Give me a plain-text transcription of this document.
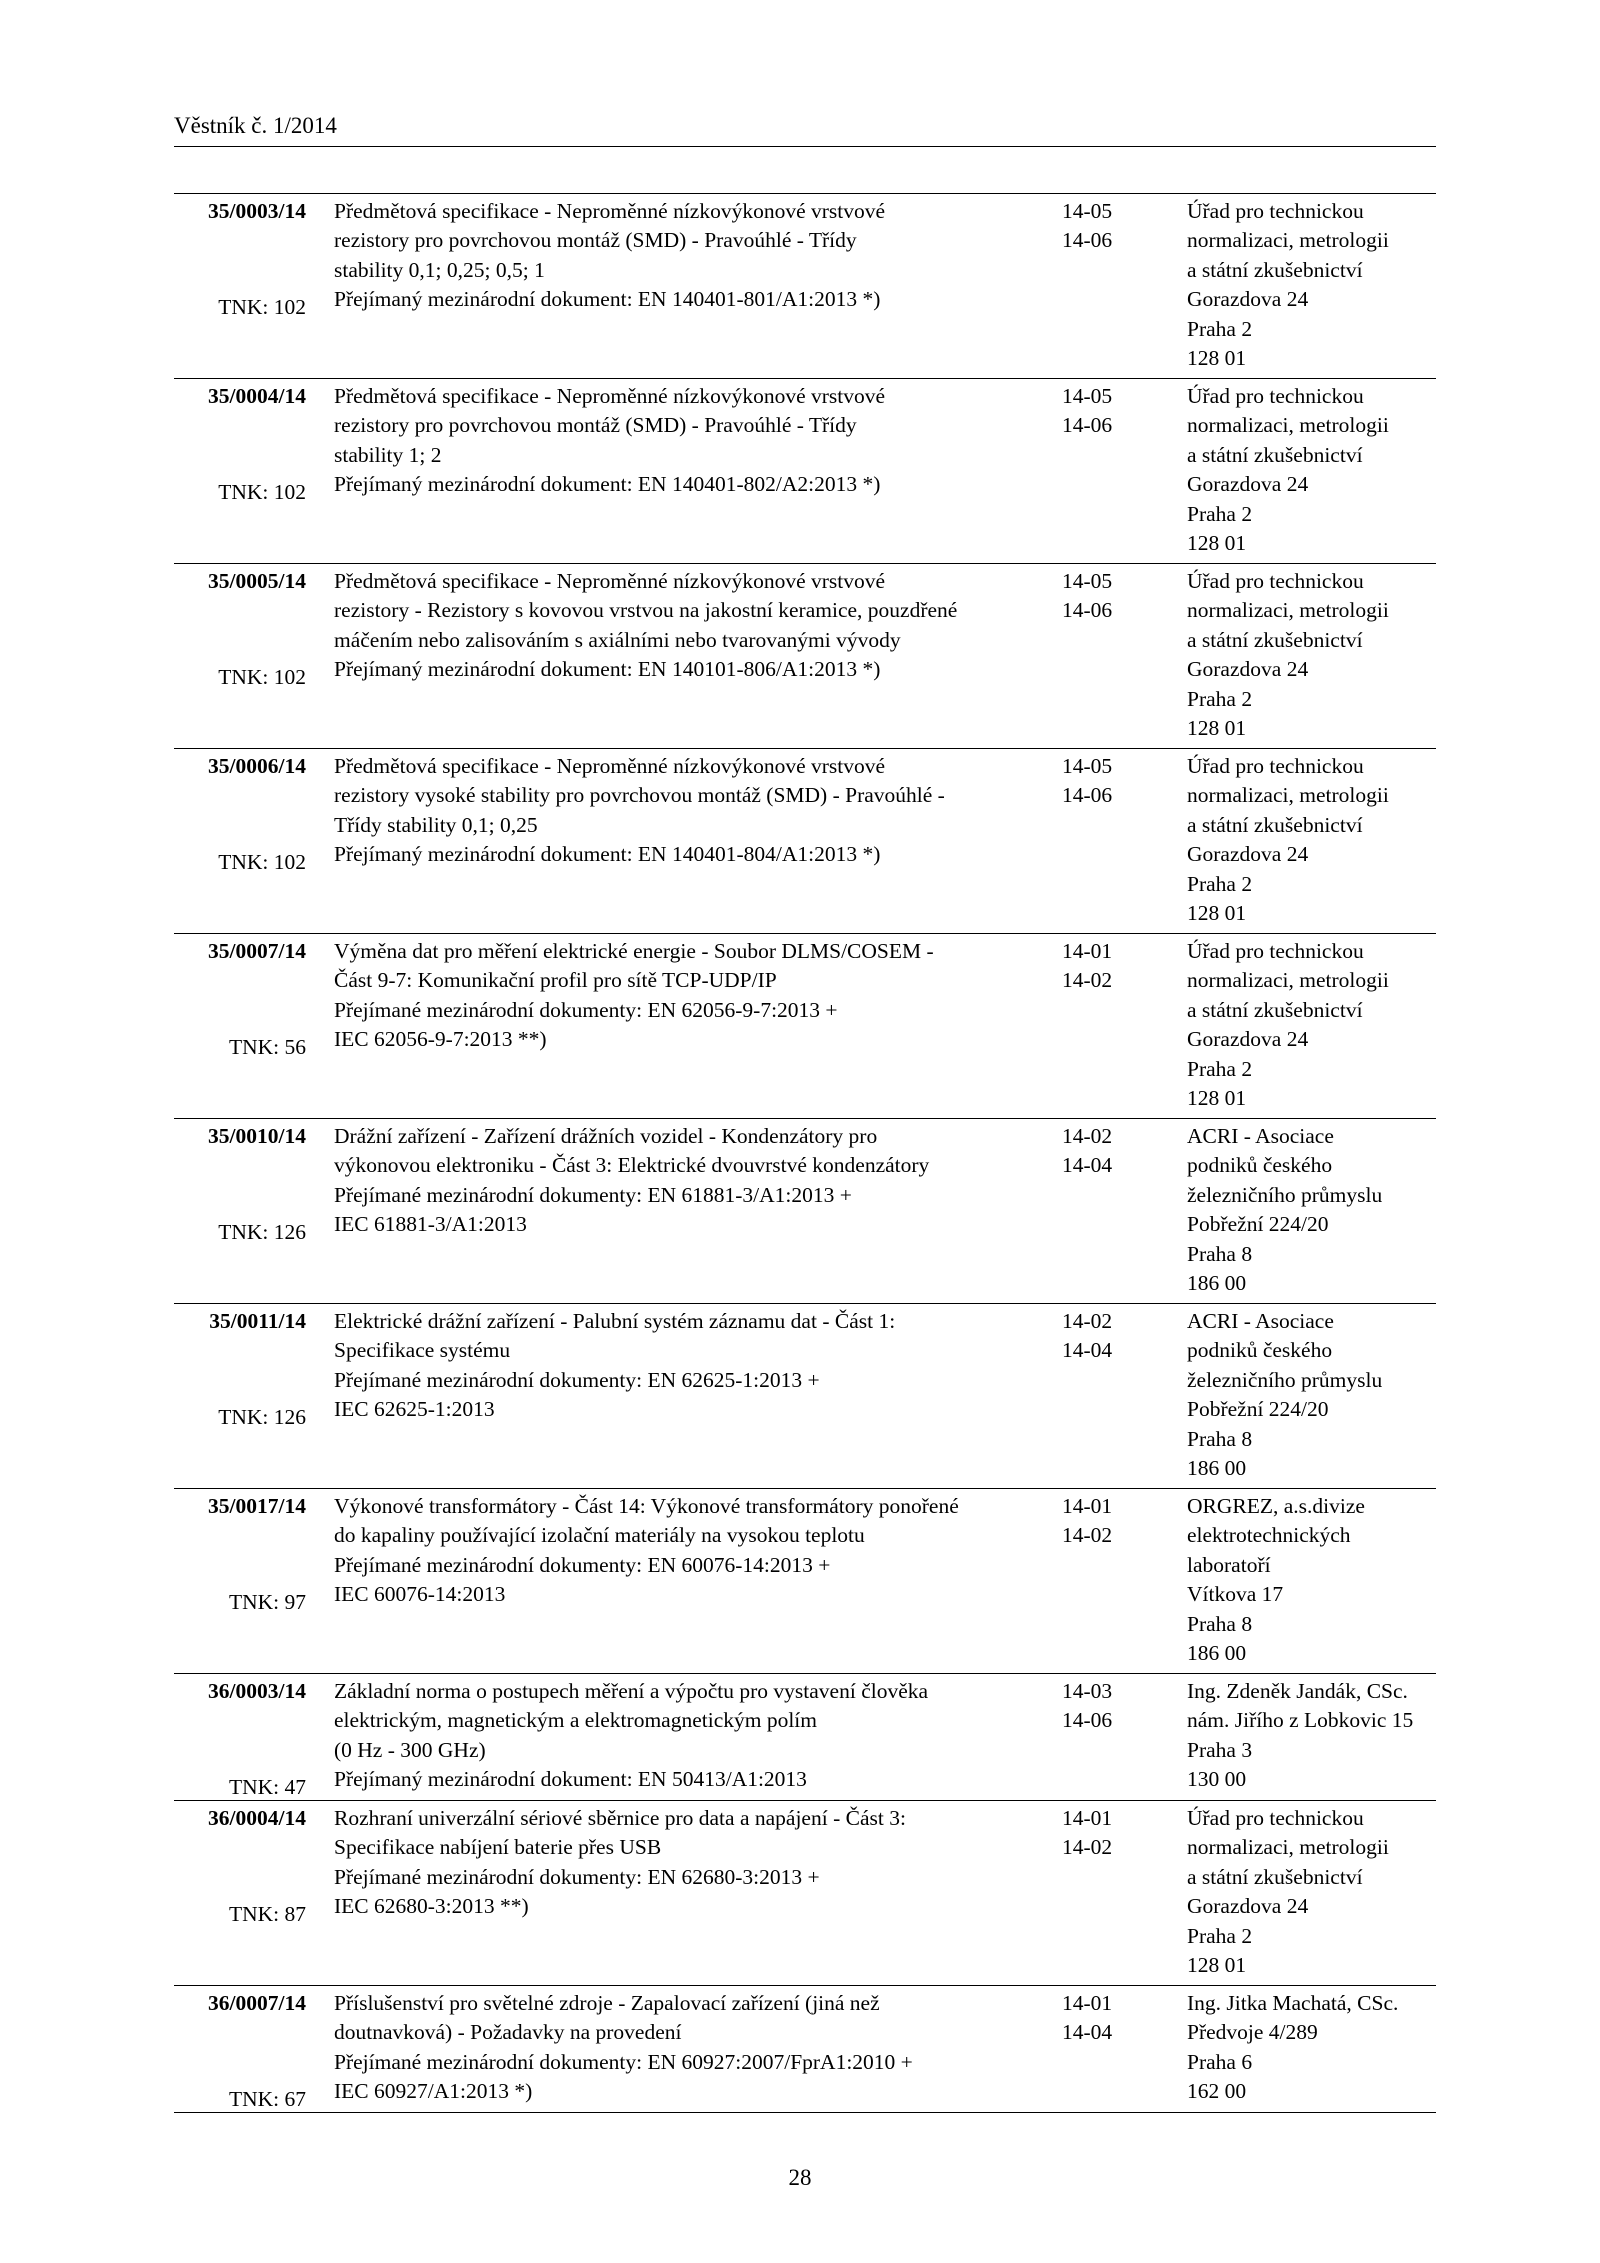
Věstník č. 1/2014
35/0003/14
TNK: 102
Předmětová specifikace - Neproměnné nízkovýkonové vrstvové
rezistory pro povrchovou montáž (SMD) - Pravoúhlé - Třídy
stability 0,1; 0,25; 0,5; 1
Přejímaný mezinárodní dokument: EN 140401-801/A1:2013 *)
14-05
14-06
Úřad pro technickou
normalizaci, metrologii
a státní zkušebnictví
Gorazdova 24
Praha 2
128 01
35/0004/14
TNK: 102
Předmětová specifikace - Neproměnné nízkovýkonové vrstvové
rezistory pro povrchovou montáž (SMD) - Pravoúhlé - Třídy
stability 1; 2
Přejímaný mezinárodní dokument: EN 140401-802/A2:2013 *)
14-05
14-06
Úřad pro technickou
normalizaci, metrologii
a státní zkušebnictví
Gorazdova 24
Praha 2
128 01
35/0005/14
TNK: 102
Předmětová specifikace - Neproměnné nízkovýkonové vrstvové
rezistory - Rezistory s kovovou vrstvou na jakostní keramice, pouzdřené
máčením nebo zalisováním s axiálními nebo tvarovanými vývody
Přejímaný mezinárodní dokument: EN 140101-806/A1:2013 *)
14-05
14-06
Úřad pro technickou
normalizaci, metrologii
a státní zkušebnictví
Gorazdova 24
Praha 2
128 01
35/0006/14
TNK: 102
Předmětová specifikace - Neproměnné nízkovýkonové vrstvové
rezistory vysoké stability pro povrchovou montáž (SMD) - Pravoúhlé -
Třídy stability 0,1; 0,25
Přejímaný mezinárodní dokument: EN 140401-804/A1:2013 *)
14-05
14-06
Úřad pro technickou
normalizaci, metrologii
a státní zkušebnictví
Gorazdova 24
Praha 2
128 01
35/0007/14
TNK: 56
Výměna dat pro měření elektrické energie - Soubor DLMS/COSEM -
Část 9-7: Komunikační profil pro sítě TCP-UDP/IP
Přejímané mezinárodní dokumenty: EN 62056-9-7:2013 +
IEC 62056-9-7:2013 **)
14-01
14-02
Úřad pro technickou
normalizaci, metrologii
a státní zkušebnictví
Gorazdova 24
Praha 2
128 01
35/0010/14
TNK: 126
Drážní zařízení - Zařízení drážních vozidel - Kondenzátory pro
výkonovou elektroniku - Část 3: Elektrické dvouvrstvé kondenzátory
Přejímané mezinárodní dokumenty: EN 61881-3/A1:2013 +
IEC 61881-3/A1:2013
14-02
14-04
ACRI - Asociace
podniků českého
železničního průmyslu
Pobřežní 224/20
Praha 8
186 00
35/0011/14
TNK: 126
Elektrické drážní zařízení - Palubní systém záznamu dat - Část 1:
Specifikace systému
Přejímané mezinárodní dokumenty: EN 62625-1:2013 +
IEC 62625-1:2013
14-02
14-04
ACRI - Asociace
podniků českého
železničního průmyslu
Pobřežní 224/20
Praha 8
186 00
35/0017/14
TNK: 97
Výkonové transformátory - Část 14: Výkonové transformátory ponořené
do kapaliny používající izolační materiály na vysokou teplotu
Přejímané mezinárodní dokumenty: EN 60076-14:2013 +
IEC 60076-14:2013
14-01
14-02
ORGREZ, a.s.divize
elektrotechnických
laboratoří
Vítkova 17
Praha 8
186 00
36/0003/14
TNK: 47
Základní norma o postupech měření a výpočtu pro vystavení člověka
elektrickým, magnetickým a elektromagnetickým polím
(0 Hz - 300 GHz)
Přejímaný mezinárodní dokument: EN 50413/A1:2013
14-03
14-06
Ing. Zdeněk Jandák, CSc.
nám. Jiřího z Lobkovic 15
Praha 3
130 00
36/0004/14
TNK: 87
Rozhraní univerzální sériové sběrnice pro data a napájení - Část 3:
Specifikace nabíjení baterie přes USB
Přejímané mezinárodní dokumenty: EN 62680-3:2013 +
IEC 62680-3:2013 **)
14-01
14-02
Úřad pro technickou
normalizaci, metrologii
a státní zkušebnictví
Gorazdova 24
Praha 2
128 01
36/0007/14
TNK: 67
Příslušenství pro světelné zdroje - Zapalovací zařízení (jiná než
doutnavková) - Požadavky na provedení
Přejímané mezinárodní dokumenty: EN 60927:2007/FprA1:2010 +
IEC 60927/A1:2013 *)
14-01
14-04
Ing. Jitka Machatá, CSc.
Předvoje 4/289
Praha 6
162 00
28
